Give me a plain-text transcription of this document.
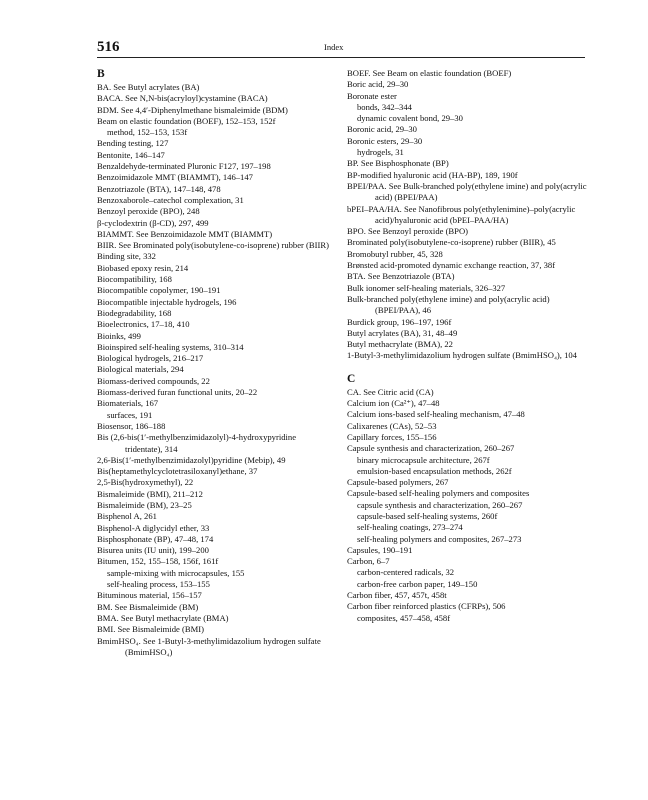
516	Index

B

BA. See Butyl acrylates (BA)

BACA. See N,N-bis(acryloyl)cystamine (BACA)

BDM. See 4,4′-Diphenylmethane bismaleimide (BDM)

Beam on elastic foundation (BOEF), 152–153, 152f

method, 152–153, 153f

Bending testing, 127

Bentonite, 146–147

Benzaldehyde-terminated Pluronic F127, 197–198

Benzoimidazole MMT (BIAMMT), 146–147

Benzotriazole (BTA), 147–148, 478

Benzoxaborole–catechol complexation, 31

Benzoyl peroxide (BPO), 248

β-cyclodextrin (β-CD), 297, 499

BIAMMT. See Benzoimidazole MMT (BIAMMT)

BIIR. See Brominated poly(isobutylene-co-isoprene) rubber (BIIR)

Binding site, 332

Biobased epoxy resin, 214

Biocompatibility, 168

Biocompatible copolymer, 190–191

Biocompatible injectable hydrogels, 196

Biodegradability, 168

Bioelectronics, 17–18, 410

Bioinks, 499

Bioinspired self-healing systems, 310–314

Biological hydrogels, 216–217

Biological materials, 294

Biomass-derived compounds, 22

Biomass-derived furan functional units, 20–22

Biomaterials, 167

surfaces, 191

Biosensor, 186–188

Bis (2,6-bis(1′-methylbenzimidazolyl)-4-hydroxypyridine tridentate), 314

2,6-Bis(1′-methylbenzimidazolyl)pyridine (Mebip), 49

Bis(heptamethylcyclotetrasiloxanyl)ethane, 37

2,5-Bis(hydroxymethyl), 22

Bismaleimide (BMI), 211–212

Bismaleimide (BM), 23–25

Bisphenol A, 261

Bisphenol-A diglycidyl ether, 33

Bisphosphonate (BP), 47–48, 174

Bisurea units (IU unit), 199–200

Bitumen, 152, 155–158, 156f, 161f

sample-mixing with microcapsules, 155

self-healing process, 153–155

Bituminous material, 156–157

BM. See Bismaleimide (BM)

BMA. See Butyl methacrylate (BMA)

BMI. See Bismaleimide (BMI)

BmimHSO₄. See 1-Butyl-3-methylimidazolium hydrogen sulfate (BmimHSO₄)

BOEF. See Beam on elastic foundation (BOEF)

Boric acid, 29–30

Boronate ester

bonds, 342–344

dynamic covalent bond, 29–30

Boronic acid, 29–30

Boronic esters, 29–30

hydrogels, 31

BP. See Bisphosphonate (BP)

BP-modified hyaluronic acid (HA-BP), 189, 190f

BPEI/PAA. See Bulk-branched poly(ethylene imine) and poly(acrylic acid) (BPEI/PAA)

bPEI–PAA/HA. See Nanofibrous poly(ethylenimine)–poly(acrylic acid)/hyaluronic acid (bPEI–PAA/HA)

BPO. See Benzoyl peroxide (BPO)

Brominated poly(isobutylene-co-isoprene) rubber (BIIR), 45

Bromobutyl rubber, 45, 328

Brønsted acid-promoted dynamic exchange reaction, 37, 38f

BTA. See Benzotriazole (BTA)

Bulk ionomer self-healing materials, 326–327

Bulk-branched poly(ethylene imine) and poly(acrylic acid) (BPEI/PAA), 46

Burdick group, 196–197, 196f

Butyl acrylates (BA), 31, 48–49

Butyl methacrylate (BMA), 22

1-Butyl-3-methylimidazolium hydrogen sulfate (BmimHSO₄), 104

C

CA. See Citric acid (CA)

Calcium ion (Ca²⁺), 47–48

Calcium ions-based self-healing mechanism, 47–48

Calixarenes (CAs), 52–53

Capillary forces, 155–156

Capsule synthesis and characterization, 260–267

binary microcapsule architecture, 267f

emulsion-based encapsulation methods, 262f

Capsule-based polymers, 267

Capsule-based self-healing polymers and composites

capsule synthesis and characterization, 260–267

capsule-based self-healing systems, 260f

self-healing coatings, 273–274

self-healing polymers and composites, 267–273

Capsules, 190–191

Carbon, 6–7

carbon-centered radicals, 32

carbon-free carbon paper, 149–150

Carbon fiber, 457, 457t, 458t

Carbon fiber reinforced plastics (CFRPs), 506

composites, 457–458, 458f
